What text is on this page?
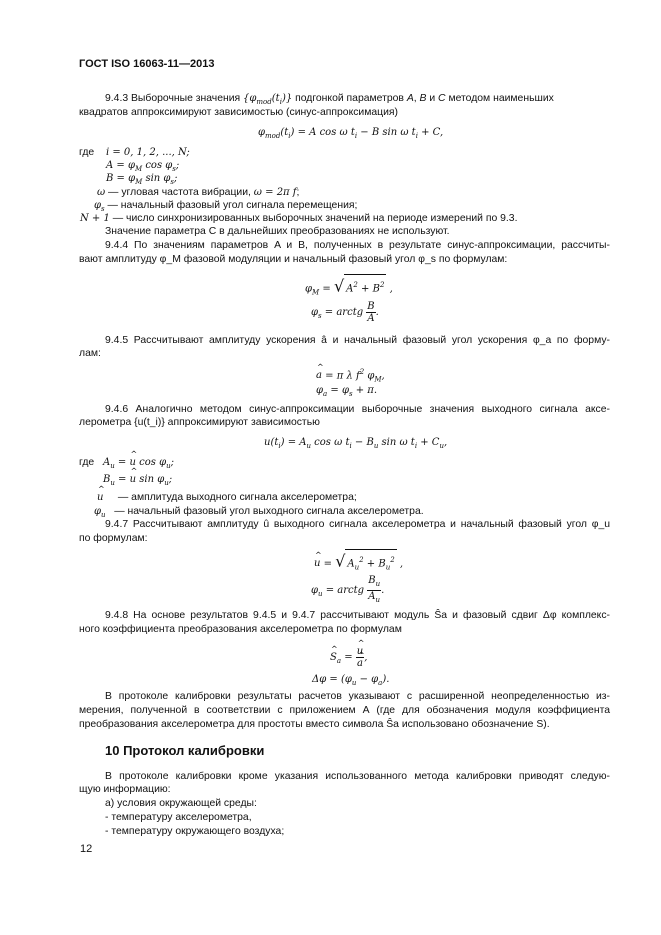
ГОСТ ISO 16063-11—2013
9.4.3 Выборочные значения $\{\varphi_{mod}(t_i)\}$ подгонкой параметров A, B и C методом наименьших
квадратов аппроксимируют зависимостью (синус-аппроксимация)
$\varphi_{mod}(t_i) = A$ cos ω $t_i - B$ sin ω $t_i + C$,
где i = 0, 1, 2, ..., N;
$A = \varphi_M$ $\cos \varphi_s$;
$B = \varphi_M$ $\sin \varphi_s$;
ω — угловая частота вибрации, ω = 2π f;
$\varphi_s$ — начальный фазовый угол сигнала перемещения;
N + 1 — число синхронизированных выборочных значений на периоде измерений по 9.3.
Значение параметра C в дальнейших преобразованиях не используют.
9.4.4 По значениям параметров A и B, полученных в результате синус-аппроксимации, рассчиты-
вают амплитуду φ_M фазовой модуляции и начальный фазовый угол φ_s по формулам:
$\varphi_M$ = √ $A^2 + B^2$ ,
$\varphi_s$ = arctg $\frac{B}{A}$ .
9.4.5 Рассчитывают амплитуду ускорения â и начальный фазовый угол ускорения φ_a по форму-
лам:
^ a = π λ $f^2$ $\varphi_M$,
$\varphi_a = \varphi_s + \pi$.
9.4.6 Аналогично методом синус-аппроксимации выборочные значения выходного сигнала аксе-
лерометра {u(t_i)} аппроксимируют зависимостью
$u(t_i) = A_u$ cos ω $t_i - B_u$ sin ω $t_i + C_u$,
где $A_u$ = ^ u $\cos \varphi_u$;
$B_u$ = ^ u $\sin \varphi_u$;
^ u — амплитуда выходного сигнала акселерометра;
$\varphi_u$ — начальный фазовый угол выходного сигнала акселерометра.
9.4.7 Рассчитывают амплитуду û выходного сигнала акселерометра и начальный фазовый угол φ_u
по формулам:
^ u = √ $A_u^2 + B_u^2$ ,
$\varphi_u$ = arctg $\frac{B_u}{A_u}$ .
9.4.8 На основе результатов 9.4.5 и 9.4.7 рассчитывают модуль Ŝa и фазовый сдвиг Δφ комплекс-
ного коэффициента преобразования акселерометра по формулам
^ $S_a$ =
^ u
^ a ,
$\Delta\varphi = (\varphi_u - \varphi_a)$.
В протоколе калибровки результаты расчетов указывают с расширенной неопределенностью из-
мерения, полученной в соответствии с приложением А (где для обозначения модуля коэффициента
преобразования акселерометра для простоты вместо символа Ŝa использовано обозначение S).
10 Протокол калибровки
В протоколе калибровки кроме указания использованного метода калибровки приводят следую-
щую информацию:
а) условия окружающей среды:
- температуру акселерометра,
- температуру окружающего воздуха;
12
